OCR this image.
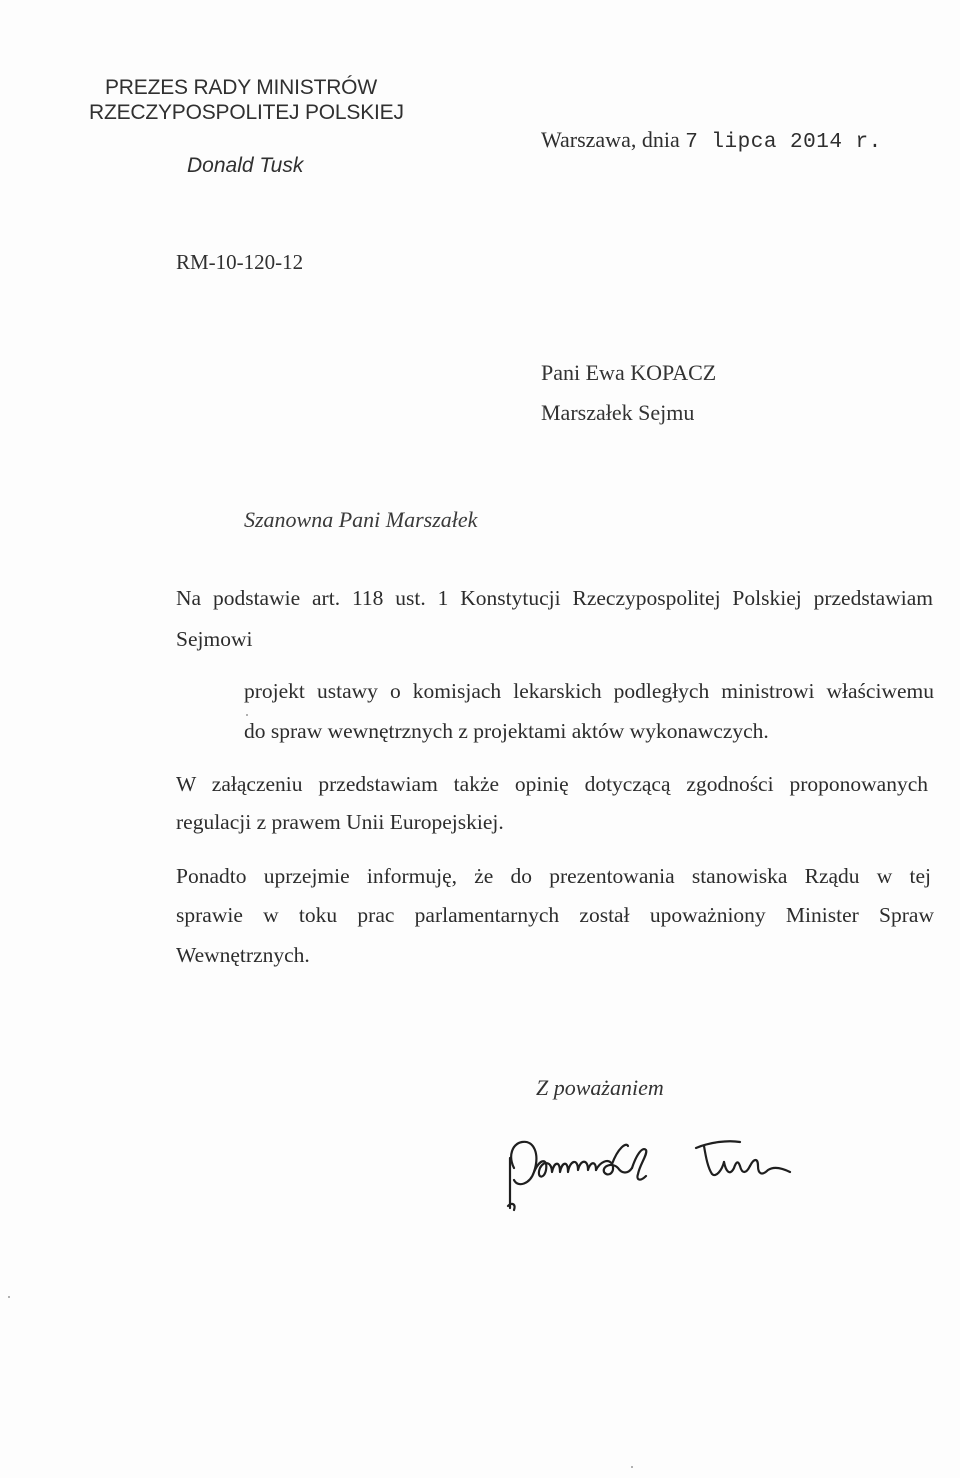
PREZES RADY MINISTRÓW
RZECZYPOSPOLITEJ POLSKIEJ
Donald Tusk
Warszawa, dnia 7 lipca 2014 r.
RM-10-120-12
Pani Ewa KOPACZ
Marszałek Sejmu
Szanowna Pani Marszałek
Na podstawie art. 118 ust. 1 Konstytucji Rzeczypospolitej Polskiej przedstawiam
Sejmowi
projekt ustawy o komisjach lekarskich podległych ministrowi właściwemu
do spraw wewnętrznych z projektami aktów wykonawczych.
W załączeniu przedstawiam także opinię dotyczącą zgodności proponowanych
regulacji z prawem Unii Europejskiej.
Ponadto uprzejmie informuję, że do prezentowania stanowiska Rządu w tej
sprawie w toku prac parlamentarnych został upoważniony Minister Spraw
Wewnętrznych.
Z poważaniem
